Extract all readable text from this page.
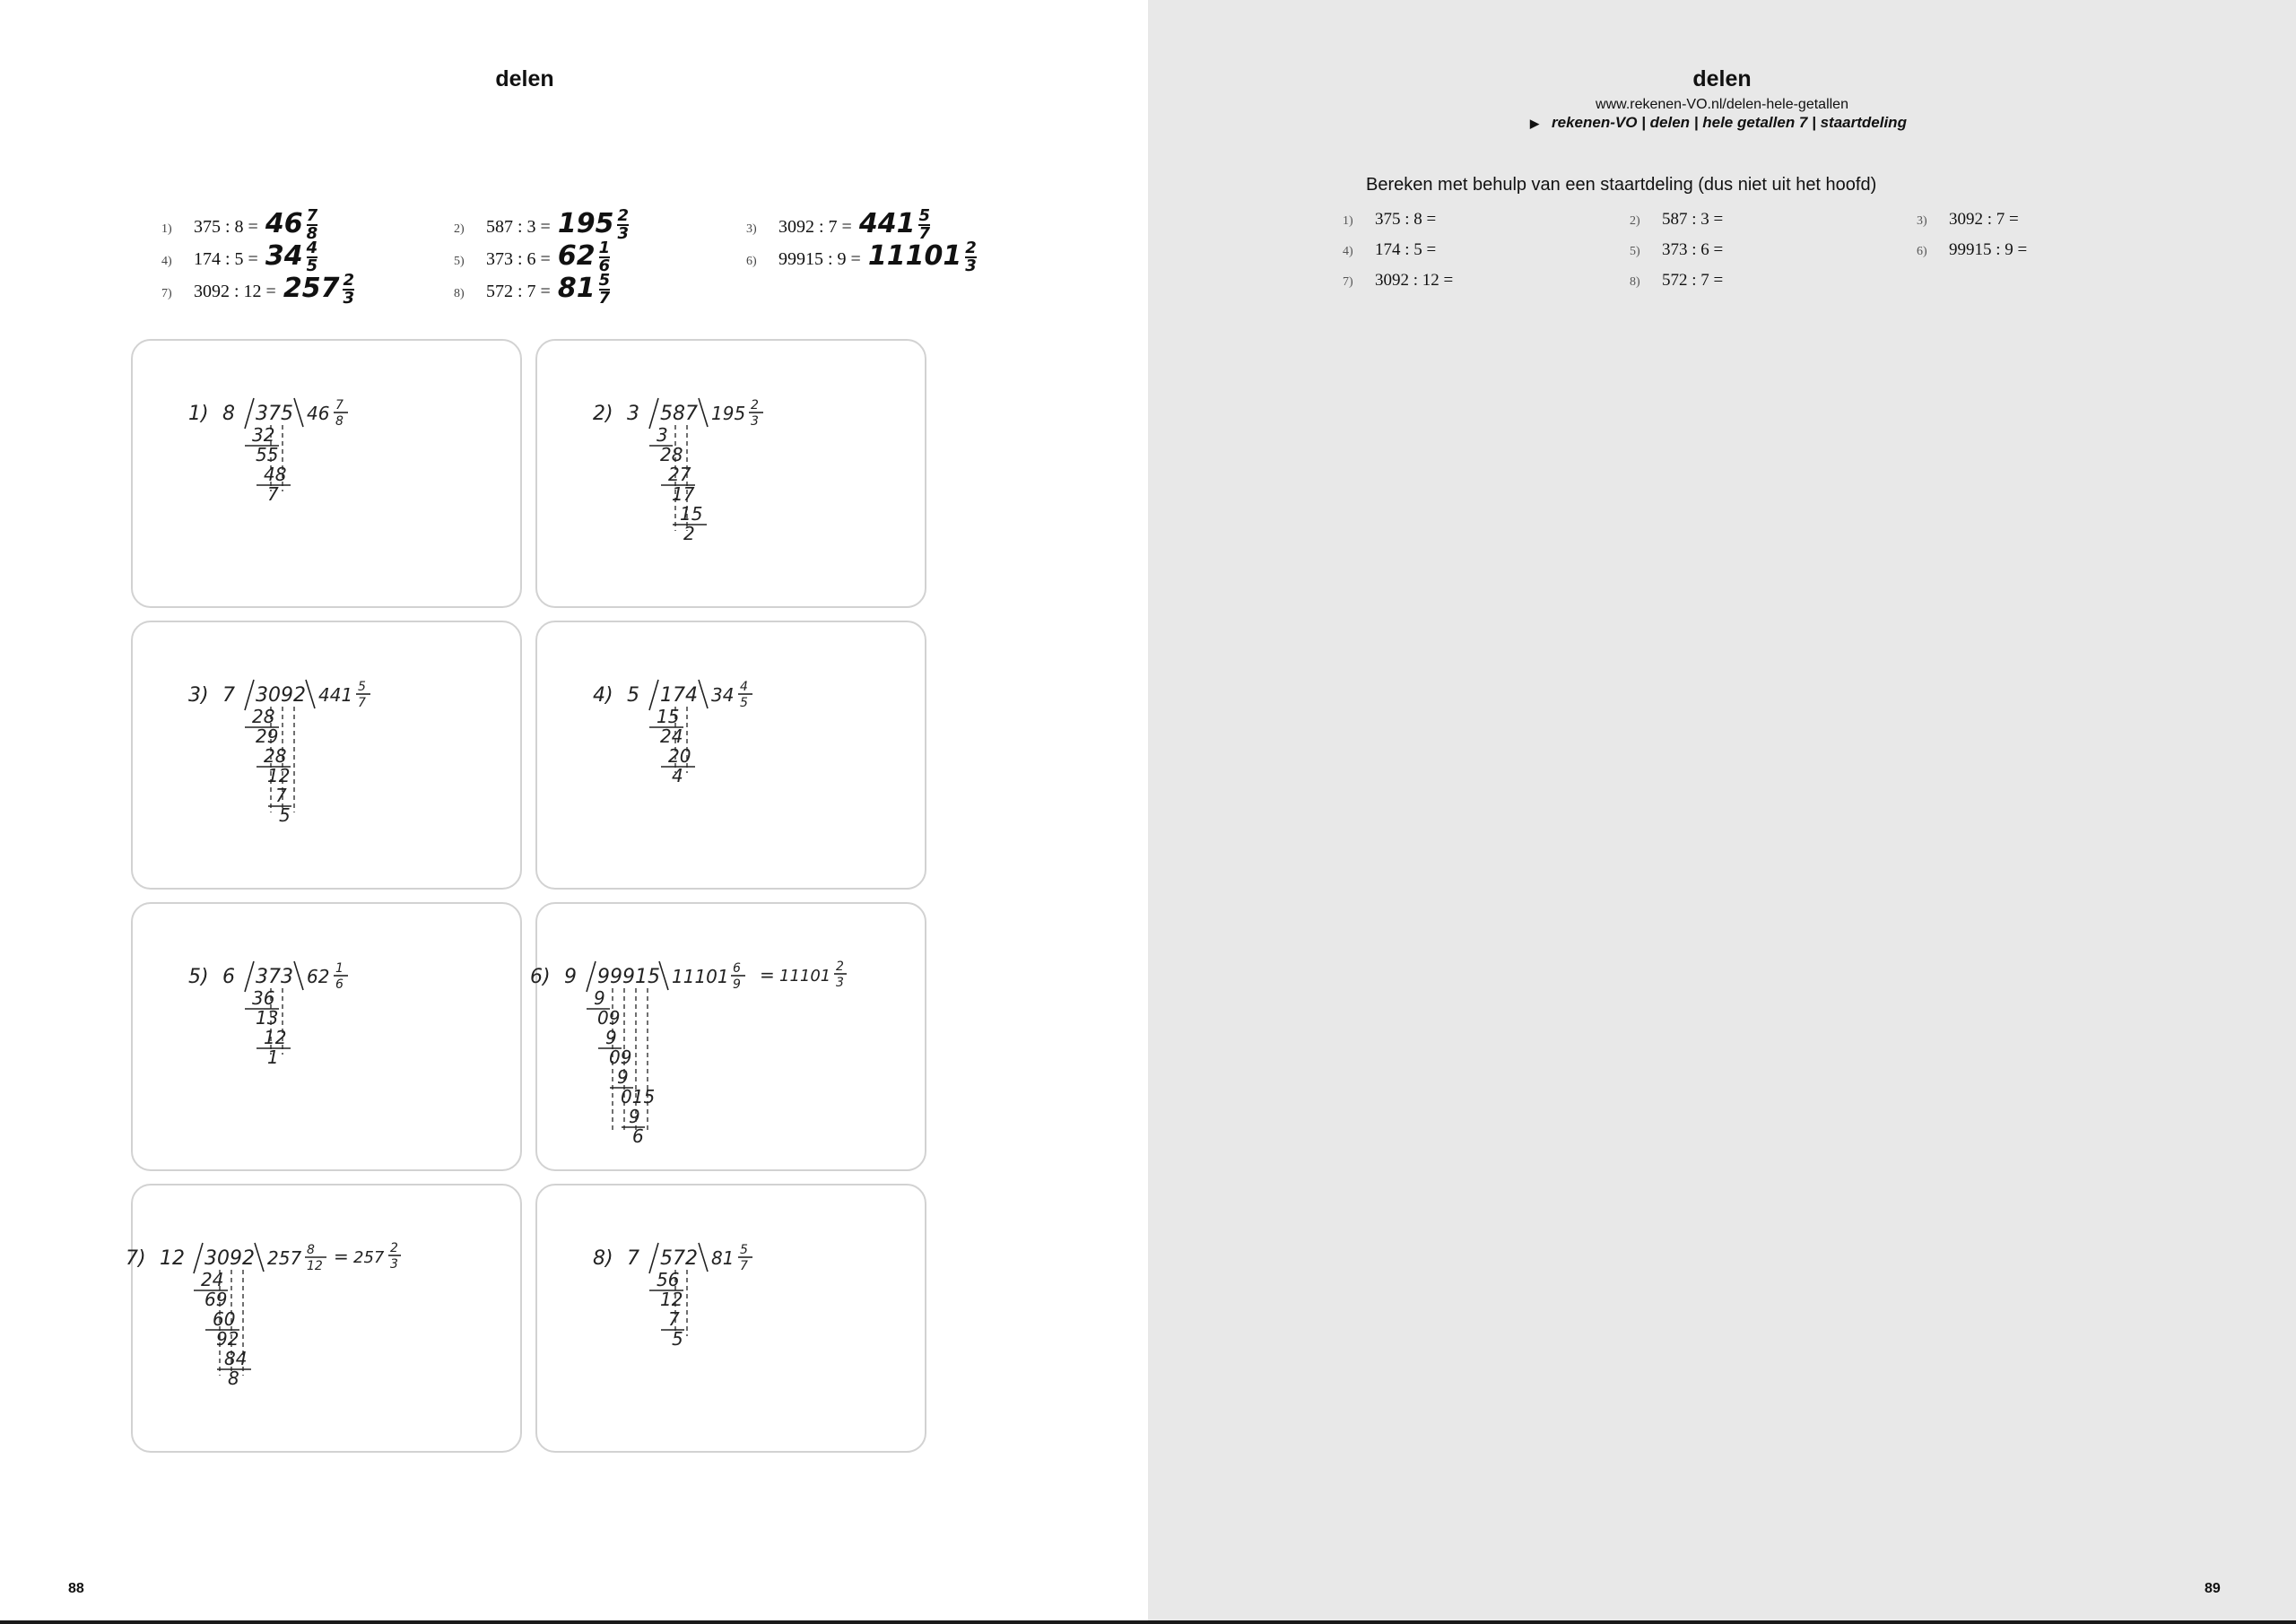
delen
1) 375 : $8 = 46 \frac{7}{8}$	2) 587 : $3 = 195 \frac{2}{3}$	3) 3092 : $7 = 441 \frac{5}{7}$
4) 174 : $5 = 34 \frac{4}{5}$	5) 373 : $6 = 62 \frac{1}{6}$	6) 99915 : $9 = 11101 \frac{2}{3}$
7) 3092 : $12 = 257 \frac{2}{3}$	8) 572 : $7 = 81 \frac{5}{7}$
1) 8 375 46 7
8
32
55
48
7
2) 3 587 195 2
3
3
28
27
17
15
2
3) 7 3092 441 5
7
28
29
28
12
7
5
4) 5 174 34 4
5
15
24
20
4
5) 6 373 62 1
6
36
13
12
1
6) 9 99915 11101 6
9 = 11101 2
3
9
09
9
09
9
015
9
6
7) 12 3092 257 8
12 = 257 2
3
24
69
60
92
84
8
8) 7 572 81 5
7
56
12
7
5
88
delen
www.rekenen-VO.nl/delen-hele-getallen
▶ rekenen-VO | delen | hele getallen 7 | staartdeling
Bereken met behulp van een staartdeling (dus niet uit het hoofd)
1) 375 : 8 =	2) 587 : 3 =	3) 3092 : 7 =
4) 174 : 5 =	5) 373 : 6 =	6) 99915 : 9 =
7) 3092 : 12 =	8) 572 : 7 =
89
